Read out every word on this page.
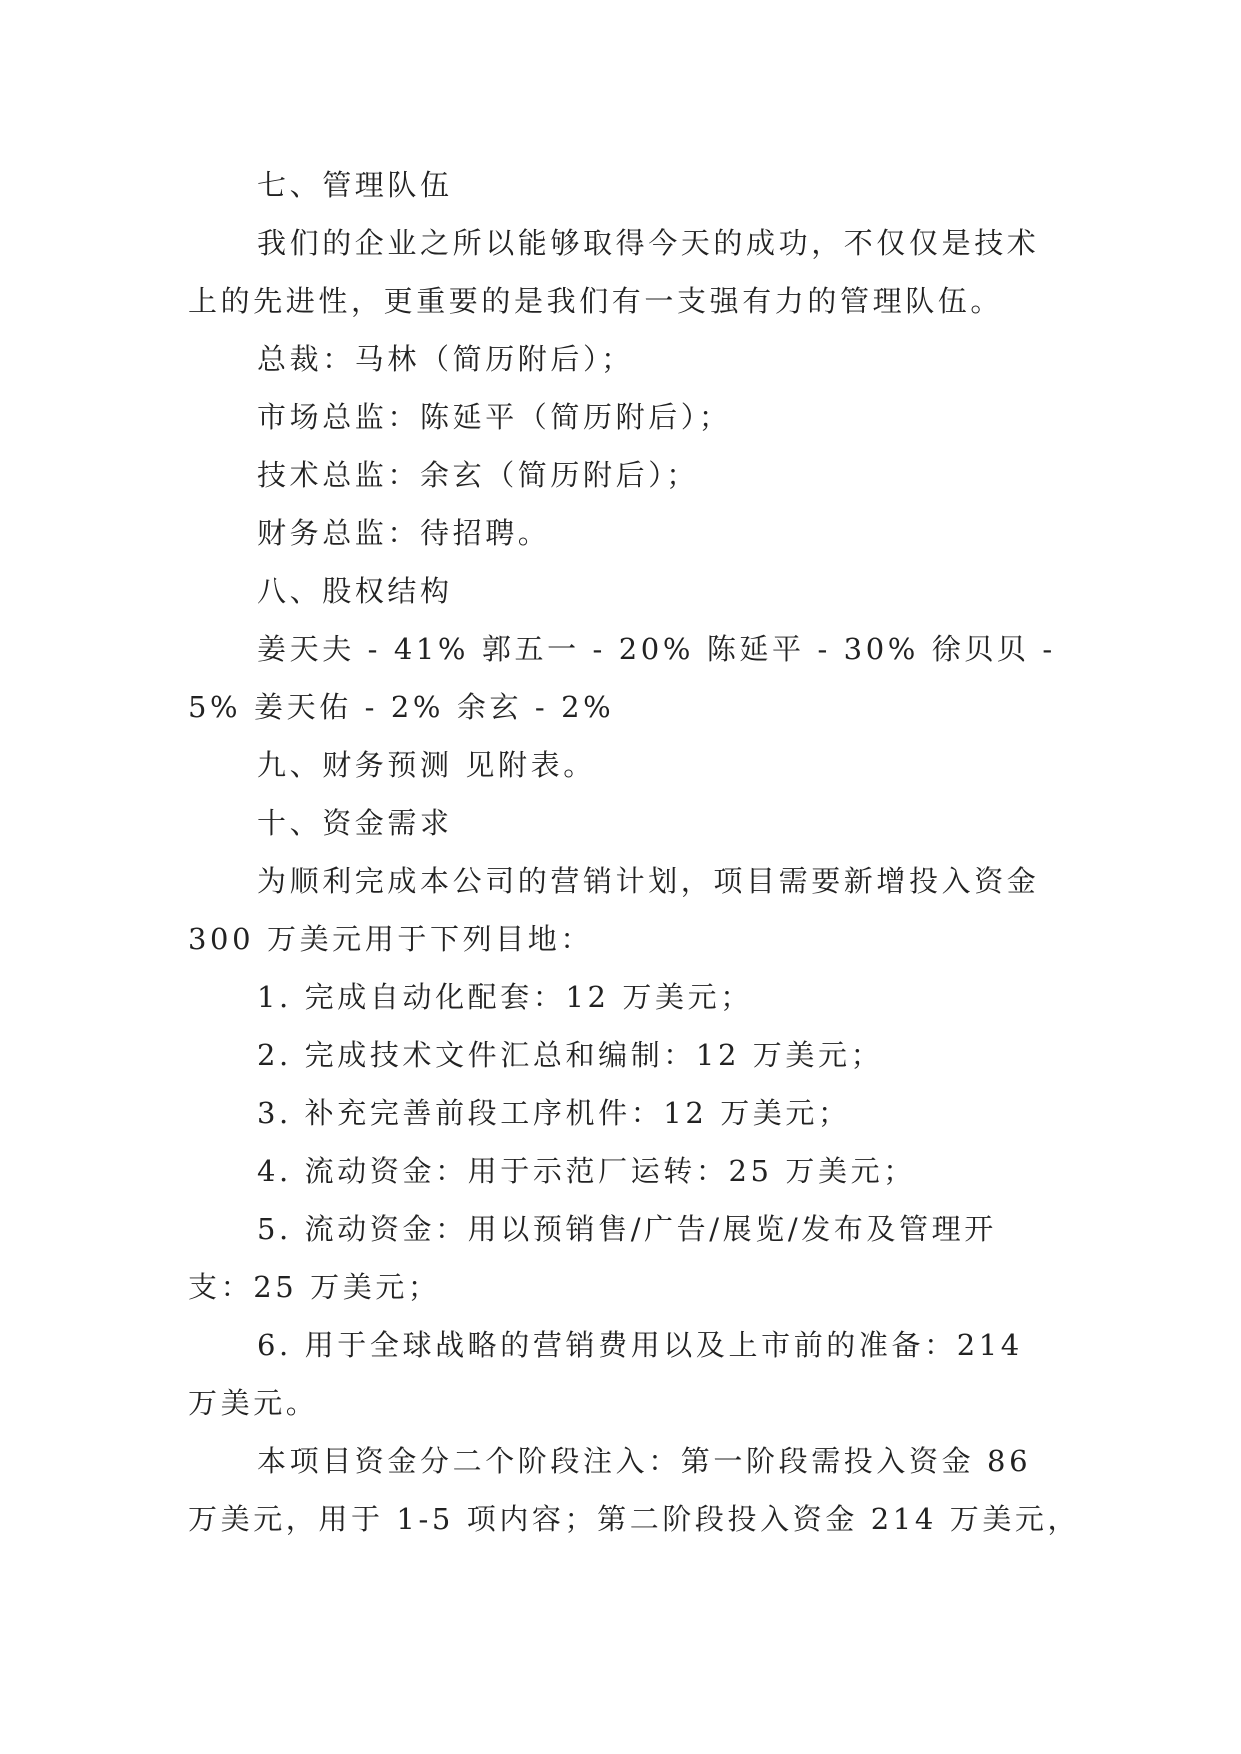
七、管理队伍
我们的企业之所以能够取得今天的成功，不仅仅是技术
上的先进性，更重要的是我们有一支强有力的管理队伍。
总裁：马林（简历附后）；
市场总监：陈延平（简历附后）；
技术总监：余玄（简历附后）；
财务总监：待招聘。
八、股权结构
姜天夫 - 41% 郭五一 - 20% 陈延平 - 30% 徐贝贝 -
5% 姜天佑 - 2% 余玄 - 2%
九、财务预测 见附表。
十、资金需求
为顺利完成本公司的营销计划，项目需要新增投入资金
300 万美元用于下列目地：
1. 完成自动化配套：12 万美元；
2. 完成技术文件汇总和编制：12 万美元；
3. 补充完善前段工序机件：12 万美元；
4. 流动资金：用于示范厂运转：25 万美元；
5. 流动资金：用以预销售/广告/展览/发布及管理开
支：25 万美元；
6. 用于全球战略的营销费用以及上市前的准备：214
万美元。
本项目资金分二个阶段注入：第一阶段需投入资金 86
万美元，用于 1-5 项内容；第二阶段投入资金 214 万美元，
